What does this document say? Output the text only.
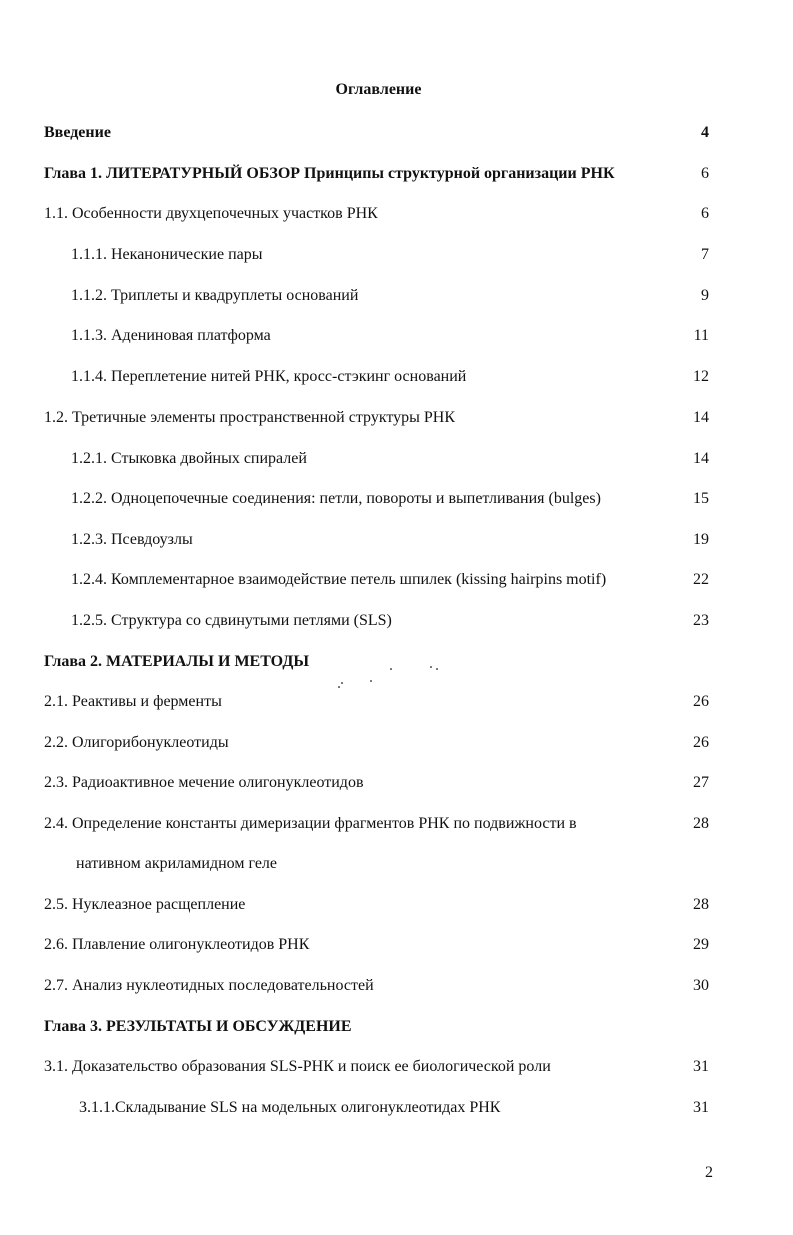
Оглавление
Введение	4
Глава 1. ЛИТЕРАТУРНЫЙ ОБЗОР Принципы структурной организации РНК	6
1.1. Особенности двухцепочечных участков РНК	6
1.1.1. Неканонические пары	7
1.1.2. Триплеты и квадруплеты оснований	9
1.1.3. Адениновая платформа	11
1.1.4. Переплетение нитей РНК, кросс-стэкинг оснований	12
1.2. Третичные элементы пространственной структуры РНК	14
1.2.1. Стыковка двойных спиралей	14
1.2.2. Одноцепочечные соединения: петли, повороты и выпетливания (bulges)	15
1.2.3. Псевдоузлы	19
1.2.4. Комплементарное взаимодействие петель шпилек (kissing hairpins motif)	22
1.2.5. Структура со сдвинутыми петлями (SLS)	23
Глава 2. МАТЕРИАЛЫ И МЕТОДЫ
2.1. Реактивы и ферменты	26
2.2. Олигорибонуклеотиды	26
2.3. Радиоактивное мечение олигонуклеотидов	27
2.4. Определение константы димеризации фрагментов РНК по подвижности в	28
нативном акриламидном геле
2.5. Нуклеазное расщепление	28
2.6. Плавление олигонуклеотидов РНК	29
2.7. Анализ нуклеотидных последовательностей	30
Глава 3. РЕЗУЛЬТАТЫ И ОБСУЖДЕНИЕ
3.1. Доказательство образования SLS-РНК и поиск ее биологической роли	31
3.1.1.Складывание SLS на модельных олигонуклеотидах РНК	31
2
